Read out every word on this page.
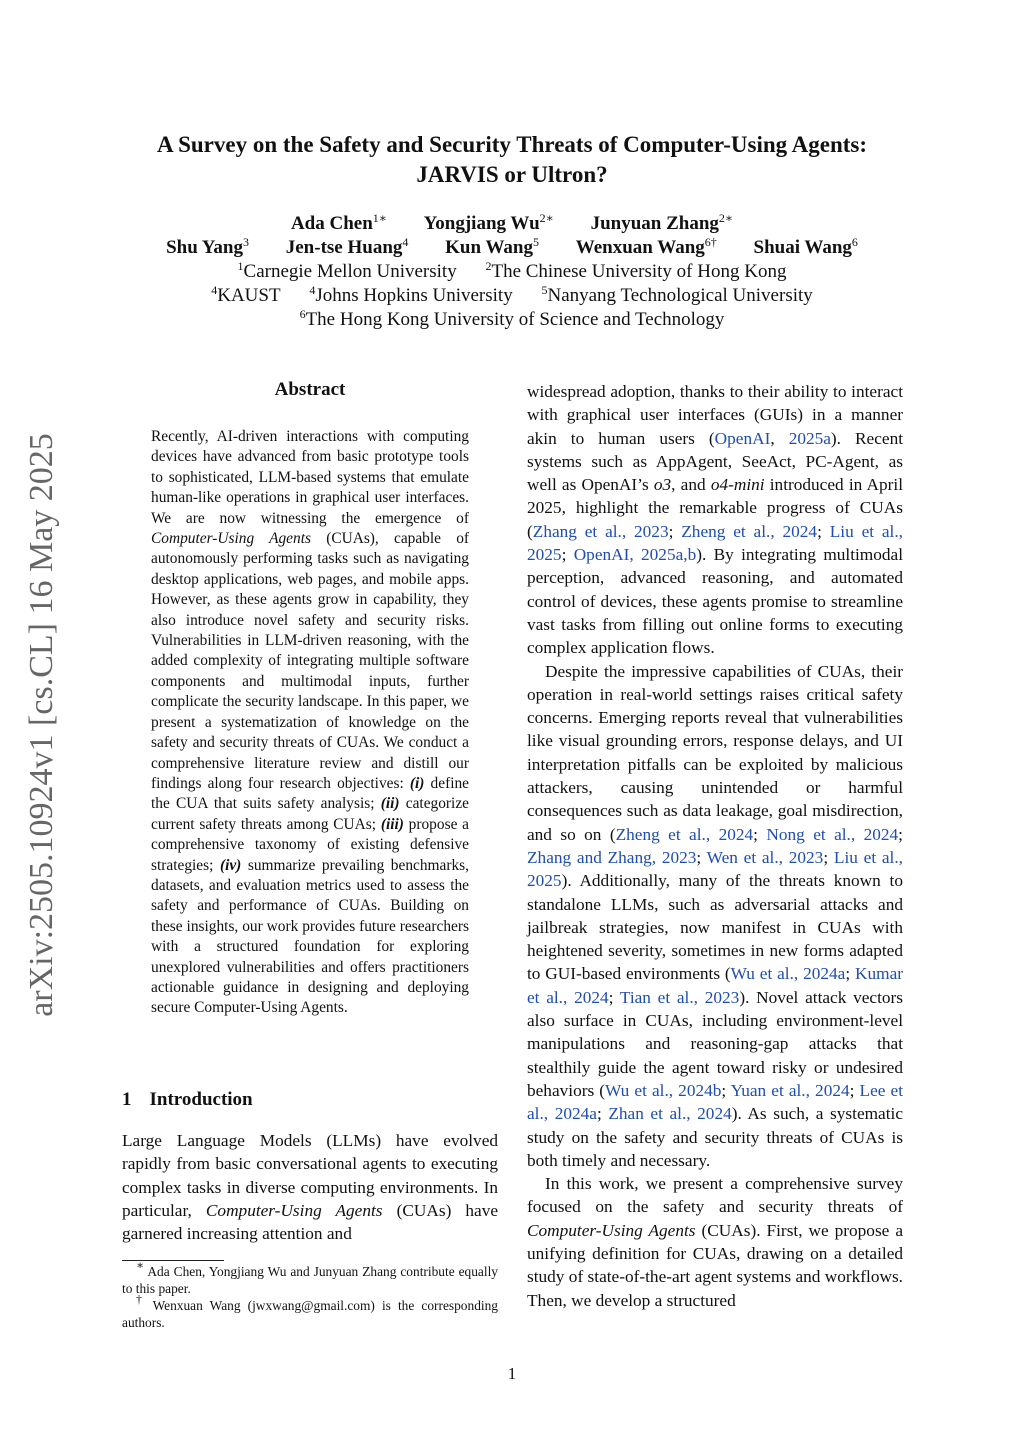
A Survey on the Safety and Security Threats of Computer-Using Agents:
JARVIS or Ultron?
Ada Chen$^{1∗}$ Yongjiang $Wu^{2∗}$ Junyuan Zhang$^{2∗}$
Shu Yang$^3$ Jen-tse Huang$^4$ Kun Wang$^5$ Wenxuan Wang$^{6\dagger}$ Shuai Wang$^6$
$^1$Carnegie Mellon University $^2$The Chinese University of Hong Kong
$^4$KAUST $^4$Johns Hopkins University $^5$Nanyang Technological University
$^6$The Hong Kong University of Science and Technology
arXiv:2505.10924v1 [cs.CL] 16 May 2025
Abstract

Recently, AI-driven interactions with computing devices have advanced from basic prototype tools to sophisticated, LLM-based systems that emulate human-like operations in graphical user interfaces. We are now witnessing the emergence of Computer-Using Agents (CUAs), capable of autonomously performing tasks such as navigating desktop applications, web pages, and mobile apps. However, as these agents grow in capability, they also introduce novel safety and security risks. Vulnerabilities in LLM-driven reasoning, with the added complexity of integrating multiple software components and multimodal inputs, further complicate the security landscape. In this paper, we present a systematization of knowledge on the safety and security threats of CUAs. We conduct a comprehensive literature review and distill our findings along four research objectives: (i) define the CUA that suits safety analysis; (ii) categorize current safety threats among CUAs; (iii) propose a comprehensive taxonomy of existing defensive strategies; (iv) summarize prevailing benchmarks, datasets, and evaluation metrics used to assess the safety and performance of CUAs. Building on these insights, our work provides future researchers with a structured foundation for exploring unexplored vulnerabilities and offers practitioners actionable guidance in designing and deploying secure Computer-Using Agents.

1 Introduction

Large Language Models (LLMs) have evolved rapidly from basic conversational agents to executing complex tasks in diverse computing environments. In particular, Computer-Using Agents (CUAs) have garnered increasing attention and

∗ Ada Chen, Yongjiang Wu and Junyuan Zhang contribute equally to this paper.

† Wenxuan Wang (jwxwang@gmail.com) is the corresponding authors.

widespread adoption, thanks to their ability to interact with graphical user interfaces (GUIs) in a manner akin to human users (OpenAI, 2025a). Recent systems such as AppAgent, SeeAct, PC-Agent, as well as OpenAI’s o3, and o4-mini introduced in April 2025, highlight the remarkable progress of CUAs (Zhang et al., 2023; Zheng et al., 2024; Liu et al., 2025; OpenAI, 2025a,b). By integrating multimodal perception, advanced reasoning, and automated control of devices, these agents promise to streamline vast tasks from filling out online forms to executing complex application flows.

Despite the impressive capabilities of CUAs, their operation in real-world settings raises critical safety concerns. Emerging reports reveal that vulnerabilities like visual grounding errors, response delays, and UI interpretation pitfalls can be exploited by malicious attackers, causing unintended or harmful consequences such as data leakage, goal misdirection, and so on (Zheng et al., 2024; Nong et al., 2024; Zhang and Zhang, 2023; Wen et al., 2023; Liu et al., 2025). Additionally, many of the threats known to standalone LLMs, such as adversarial attacks and jailbreak strategies, now manifest in CUAs with heightened severity, sometimes in new forms adapted to GUI-based environments (Wu et al., 2024a; Kumar et al., 2024; Tian et al., 2023). Novel attack vectors also surface in CUAs, including environment-level manipulations and reasoning-gap attacks that stealthily guide the agent toward risky or undesired behaviors (Wu et al., 2024b; Yuan et al., 2024; Lee et al., 2024a; Zhan et al., 2024). As such, a systematic study on the safety and security threats of CUAs is both timely and necessary.

In this work, we present a comprehensive survey focused on the safety and security threats of Computer-Using Agents (CUAs). First, we propose a unifying definition for CUAs, drawing on a detailed study of state-of-the-art agent systems and workflows. Then, we develop a structured

1
